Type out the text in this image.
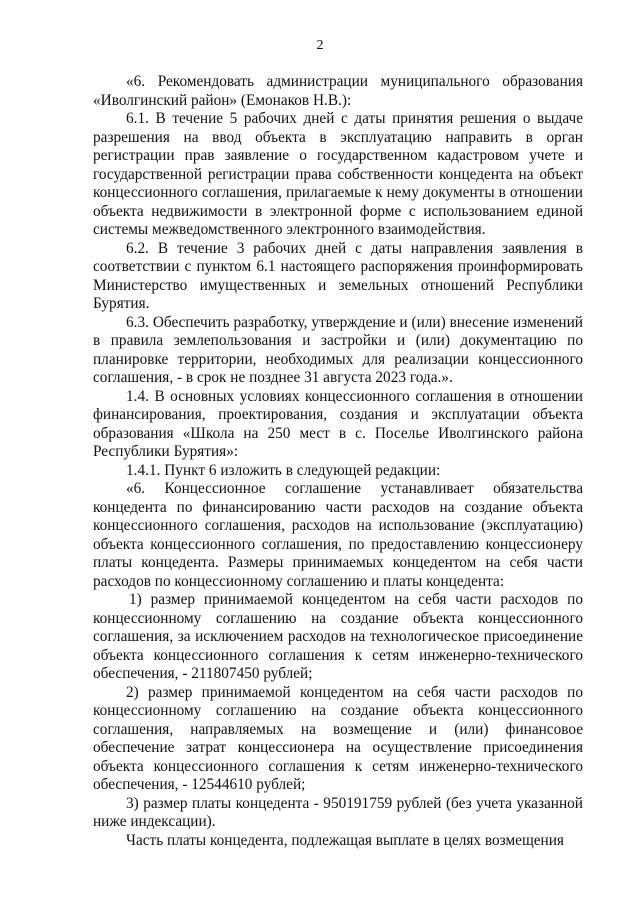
2

«6. Рекомендовать администрации муниципального образования «Иволгинский район» (Емонаков Н.В.):

6.1. В течение 5 рабочих дней с даты принятия решения о выдаче разрешения на ввод объекта в эксплуатацию направить в орган регистрации прав заявление о государственном кадастровом учете и государственной регистрации права собственности концедента на объект концессионного соглашения, прилагаемые к нему документы в отношении объекта недвижимости в электронной форме с использованием единой системы межведомственного электронного взаимодействия.

6.2. В течение 3 рабочих дней с даты направления заявления в соответствии с пунктом 6.1 настоящего распоряжения проинформировать Министерство имущественных и земельных отношений Республики Бурятия.

6.3. Обеспечить разработку, утверждение и (или) внесение изменений в правила землепользования и застройки и (или) документацию по планировке территории, необходимых для реализации концессионного соглашения, - в срок не позднее 31 августа 2023 года.».

1.4. В основных условиях концессионного соглашения в отношении финансирования, проектирования, создания и эксплуатации объекта образования «Школа на 250 мест в с. Поселье Иволгинского района Республики Бурятия»:

1.4.1. Пункт 6 изложить в следующей редакции:

«6. Концессионное соглашение устанавливает обязательства концедента по финансированию части расходов на создание объекта концессионного соглашения, расходов на использование (эксплуатацию) объекта концессионного соглашения, по предоставлению концессионеру платы концедента. Размеры принимаемых концедентом на себя части расходов по концессионному соглашению и платы концедента:

1) размер принимаемой концедентом на себя части расходов по концессионному соглашению на создание объекта концессионного соглашения, за исключением расходов на технологическое присоединение объекта концессионного соглашения к сетям инженерно-технического обеспечения, - 211807450 рублей;

2) размер принимаемой концедентом на себя части расходов по концессионному соглашению на создание объекта концессионного соглашения, направляемых на возмещение и (или) финансовое обеспечение затрат концессионера на осуществление присоединения объекта концессионного соглашения к сетям инженерно-технического обеспечения, - 12544610 рублей;

3) размер платы концедента - 950191759 рублей (без учета указанной ниже индексации).

Часть платы концедента, подлежащая выплате в целях возмещения
